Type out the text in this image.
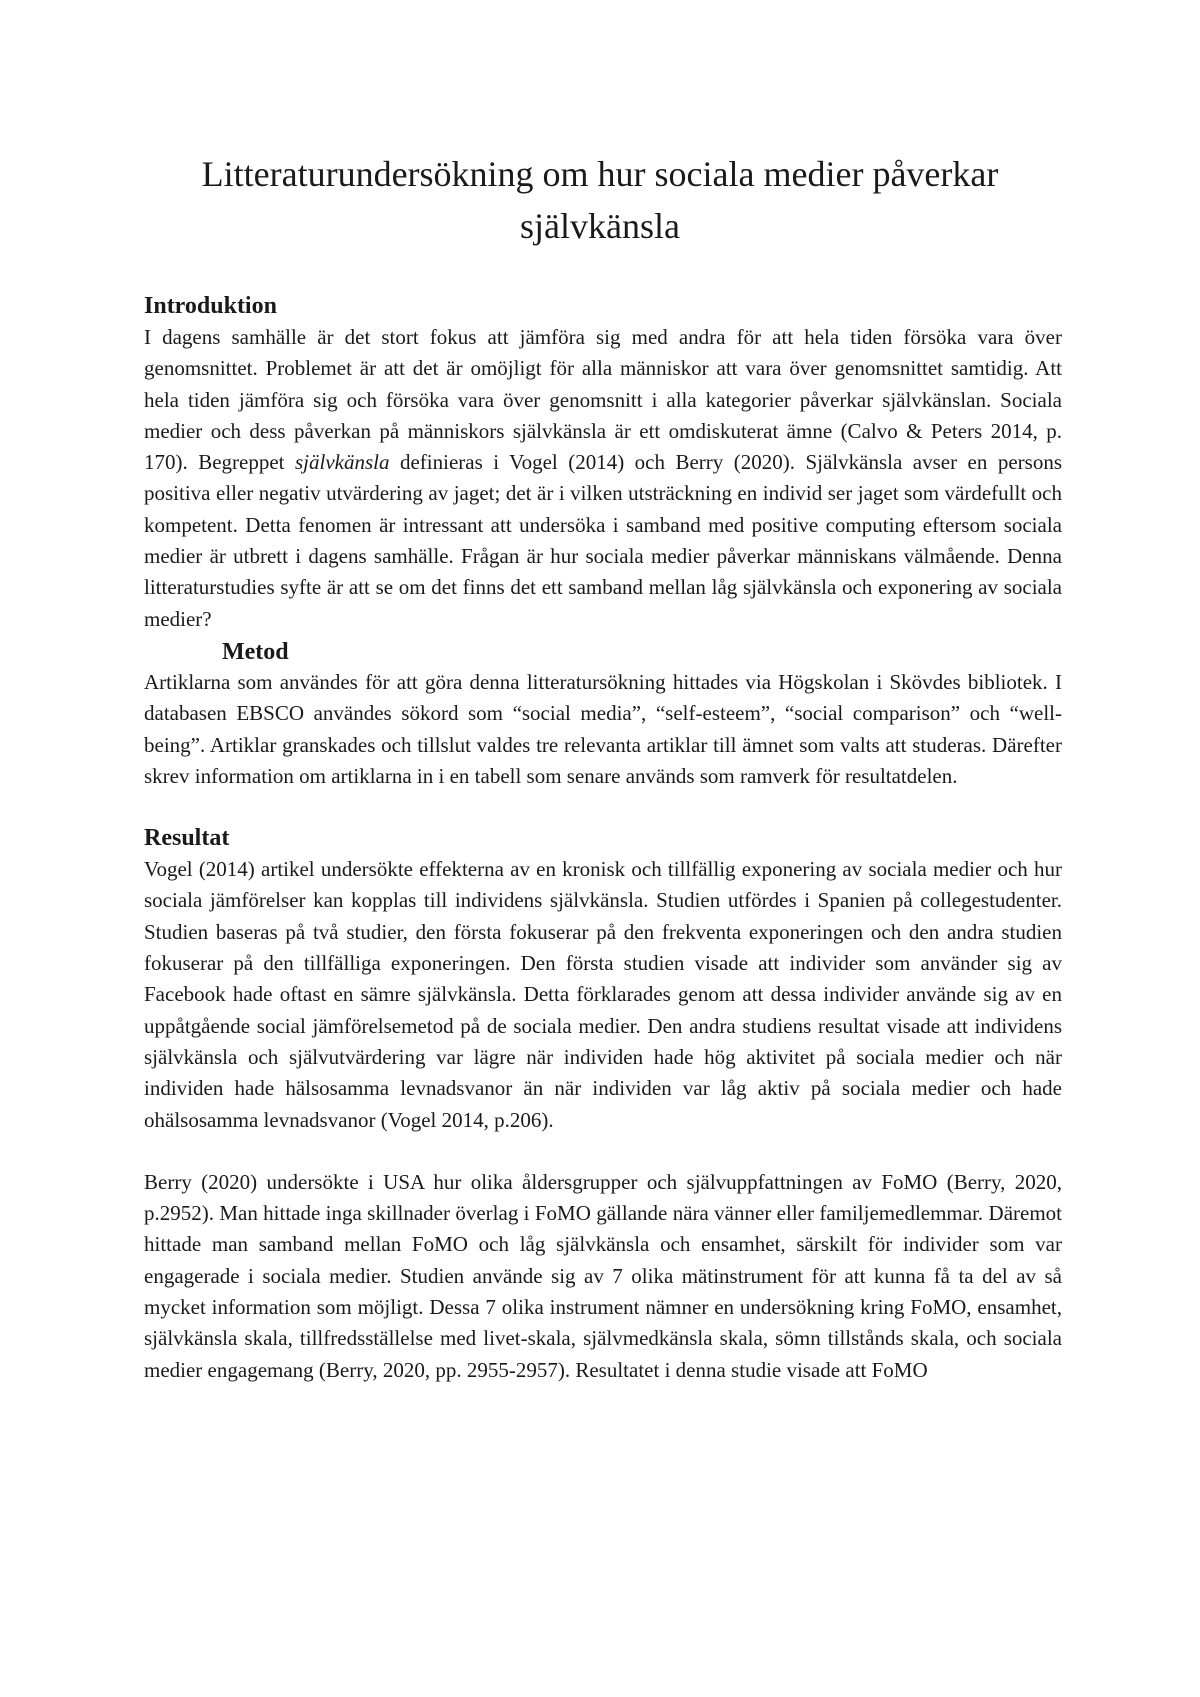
Litteraturundersökning om hur sociala medier påverkar självkänsla
Introduktion

I dagens samhälle är det stort fokus att jämföra sig med andra för att hela tiden försöka vara över genomsnittet. Problemet är att det är omöjligt för alla människor att vara över genomsnittet samtidig. Att hela tiden jämföra sig och försöka vara över genomsnitt i alla kategorier påverkar självkänslan. Sociala medier och dess påverkan på människors självkänsla är ett omdiskuterat ämne (Calvo & Peters 2014, p. 170). Begreppet självkänsla definieras i Vogel (2014) och Berry (2020). Självkänsla avser en persons positiva eller negativ utvärdering av jaget; det är i vilken utsträckning en individ ser jaget som värdefullt och kompetent. Detta fenomen är intressant att undersöka i samband med positive computing eftersom sociala medier är utbrett i dagens samhälle. Frågan är hur sociala medier påverkar människans välmående. Denna litteraturstudies syfte är att se om det finns det ett samband mellan låg självkänsla och exponering av sociala medier?

Metod

Artiklarna som användes för att göra denna litteratursökning hittades via Högskolan i Skövdes bibliotek. I databasen EBSCO användes sökord som “social media”, “self-esteem”, “social comparison” och “well-being”. Artiklar granskades och tillslut valdes tre relevanta artiklar till ämnet som valts att studeras. Därefter skrev information om artiklarna in i en tabell som senare används som ramverk för resultatdelen.

Resultat

Vogel (2014) artikel undersökte effekterna av en kronisk och tillfällig exponering av sociala medier och hur sociala jämförelser kan kopplas till individens självkänsla. Studien utfördes i Spanien på collegestudenter. Studien baseras på två studier, den första fokuserar på den frekventa exponeringen och den andra studien fokuserar på den tillfälliga exponeringen. Den första studien visade att individer som använder sig av Facebook hade oftast en sämre självkänsla. Detta förklarades genom att dessa individer använde sig av en uppåtgående social jämförelsemetod på de sociala medier. Den andra studiens resultat visade att individens självkänsla och självutvärdering var lägre när individen hade hög aktivitet på sociala medier och när individen hade hälsosamma levnadsvanor än när individen var låg aktiv på sociala medier och hade ohälsosamma levnadsvanor (Vogel 2014, p.206).

Berry (2020) undersökte i USA hur olika åldersgrupper och självuppfattningen av FoMO (Berry, 2020, p.2952). Man hittade inga skillnader överlag i FoMO gällande nära vänner eller familjemedlemmar. Däremot hittade man samband mellan FoMO och låg självkänsla och ensamhet, särskilt för individer som var engagerade i sociala medier. Studien använde sig av 7 olika mätinstrument för att kunna få ta del av så mycket information som möjligt. Dessa 7 olika instrument nämner en undersökning kring FoMO, ensamhet, självkänsla skala, tillfredsställelse med livet-skala, självmedkänsla skala, sömn tillstånds skala, och sociala medier engagemang (Berry, 2020, pp. 2955-2957). Resultatet i denna studie visade att FoMO
